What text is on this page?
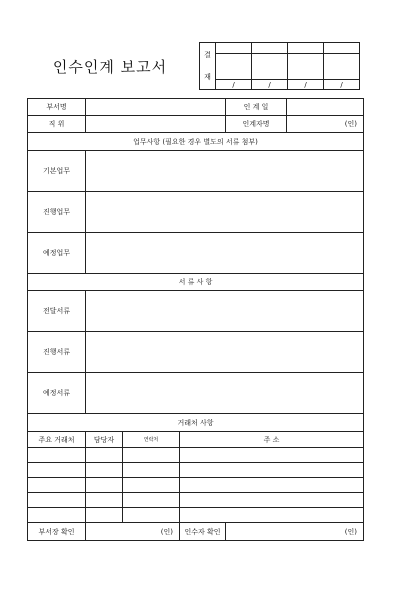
인수인계 보고서
결
재				

	/	/	/	/
부서명				인 계 일	
직 위				인계자명	(인)
업무사항 (필요한 경우 별도의 서류 첨부)					
기본업무					
진행업무					
예정업무					
서 류 사 항					
전달서류					
진행서류					
예정서류					
거래처 사항					
주요 거래처	담당자	연락처	주 소		

부서장 확인	(인)		인수자 확인	(인)	
